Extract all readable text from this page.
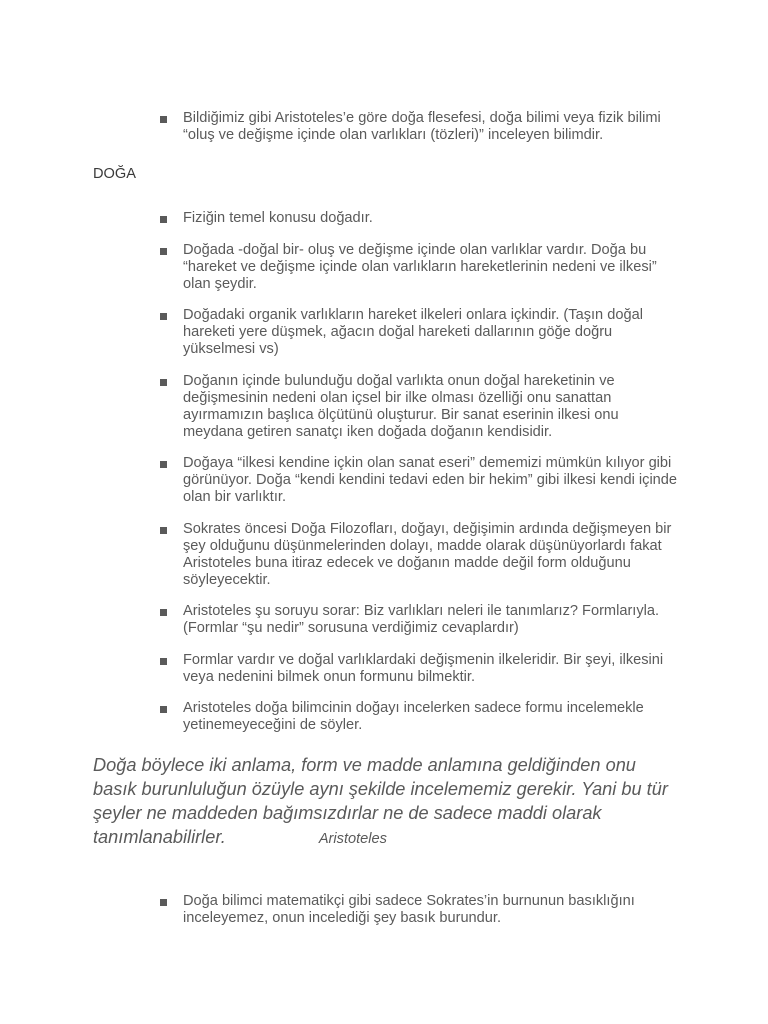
Bildiğimiz gibi Aristoteles’e göre doğa flesefesi, doğa bilimi veya fizik bilimi “oluş ve değişme içinde olan varlıkları (tözleri)” inceleyen bilimdir.
DOĞA
Fiziğin temel konusu doğadır.
Doğada -doğal bir- oluş ve değişme içinde olan varlıklar vardır. Doğa bu “hareket ve değişme içinde olan varlıkların hareketlerinin nedeni ve ilkesi” olan şeydir.
Doğadaki organik varlıkların hareket ilkeleri onlara içkindir. (Taşın doğal hareketi yere düşmek, ağacın doğal hareketi dallarının göğe doğru yükselmesi vs)
Doğanın içinde bulunduğu doğal varlıkta onun doğal hareketinin ve değişmesinin nedeni olan içsel bir ilke olması özelliği onu sanattan ayırmamızın başlıca ölçütünü oluşturur. Bir sanat eserinin ilkesi onu meydana getiren sanatçı iken doğada doğanın kendisidir.
Doğaya “ilkesi kendine içkin olan sanat eseri” dememizi mümkün kılıyor gibi görünüyor. Doğa “kendi kendini tedavi eden bir hekim” gibi ilkesi kendi içinde olan bir varlıktır.
Sokrates öncesi Doğa Filozofları, doğayı, değişimin ardında değişmeyen bir şey olduğunu düşünmelerinden dolayı, madde olarak düşünüyorlardı fakat Aristoteles buna itiraz edecek ve doğanın madde değil form olduğunu söyleyecektir.
Aristoteles şu soruyu sorar: Biz varlıkları neleri ile tanımlarız? Formlarıyla. (Formlar “şu nedir” sorusuna verdiğimiz cevaplardır)
Formlar vardır ve doğal varlıklardaki değişmenin ilkeleridir. Bir şeyi, ilkesini veya nedenini bilmek onun formunu bilmektir.
Aristoteles doğa bilimcinin doğayı incelerken sadece formu incelemekle yetinemeyeceğini de söyler.

Doğa böylece iki anlama, form ve madde anlamına geldiğinden onu basık burunluluğun özüyle aynı şekilde incelememiz gerekir. Yani bu tür şeyler ne maddeden bağımsızdırlar ne de sadece maddi olarak tanımlanabilirler.	Aristoteles

Doğa bilimci matematikçi gibi sadece Sokrates’in burnunun basıklığını inceleyemez, onun incelediği şey basık burundur.
